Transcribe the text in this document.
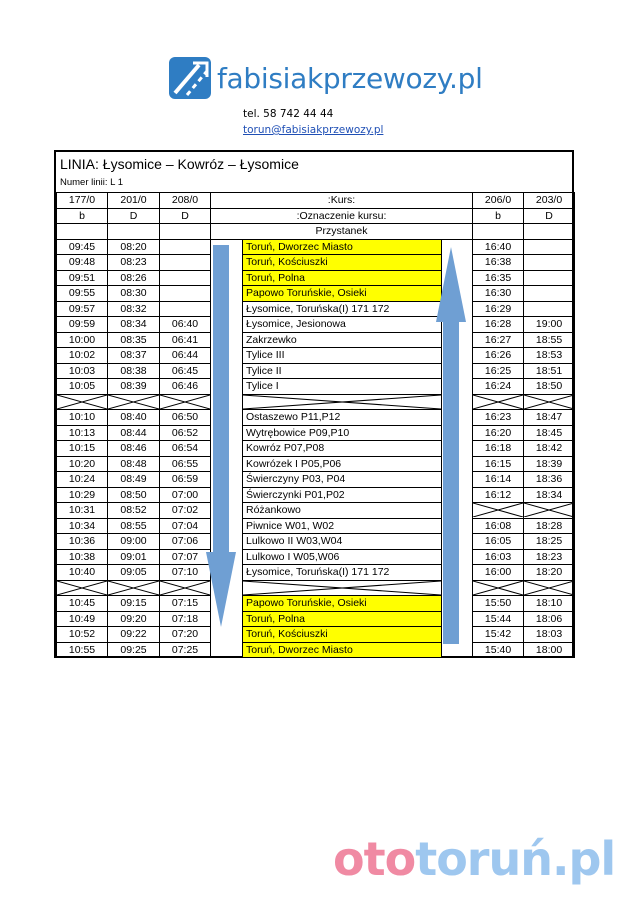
fabisiakprzewozy.pl
tel. 58 742 44 44
torun@fabisiakprzewozy.pl
LINIA: Łysomice – Kowróz – Łysomice
Numer linii: L 1
177/0	201/0	208/0	:Kurs:			206/0	203/0
b	D	D	:Oznaczenie kursu:			b	D
			Przystanek				
09:45	08:20			Toruń, Dworzec Miasto		16:40	
09:48	08:23			Toruń, Kościuszki		16:38	
09:51	08:26			Toruń, Polna		16:35	
09:55	08:30			Papowo Toruńskie, Osieki		16:30	
09:57	08:32			Łysomice, Toruńska(I) 171 172		16:29	
09:59	08:34	06:40		Łysomice, Jesionowa		16:28	19:00
10:00	08:35	06:41		Zakrzewko		16:27	18:55
10:02	08:37	06:44		Tylice III		16:26	18:53
10:03	08:38	06:45		Tylice II		16:25	18:51
10:05	08:39	06:46		Tylice I		16:24	18:50

10:10	08:40	06:50		Ostaszewo P11,P12		16:23	18:47
10:13	08:44	06:52		Wytrębowice P09,P10		16:20	18:45
10:15	08:46	06:54		Kowróz P07,P08		16:18	18:42
10:20	08:48	06:55		Kowrózek I P05,P06		16:15	18:39
10:24	08:49	06:59		Świerczyny P03, P04		16:14	18:36
10:29	08:50	07:00		Świerczynki P01,P02		16:12	18:34
10:31	08:52	07:02		Różankowo		

10:34	08:55	07:04		Piwnice W01, W02		16:08	18:28
10:36	09:00	07:06		Lulkowo II W03,W04		16:05	18:25
10:38	09:01	07:07		Lulkowo I W05,W06		16:03	18:23
10:40	09:05	07:10		Łysomice, Toruńska(I) 171 172		16:00	18:20

10:45	09:15	07:15		Papowo Toruńskie, Osieki		15:50	18:10
10:49	09:20	07:18		Toruń, Polna		15:44	18:06
10:52	09:22	07:20		Toruń, Kościuszki		15:42	18:03
10:55	09:25	07:25		Toruń, Dworzec Miasto		15:40	18:00
ototoruń.pl
